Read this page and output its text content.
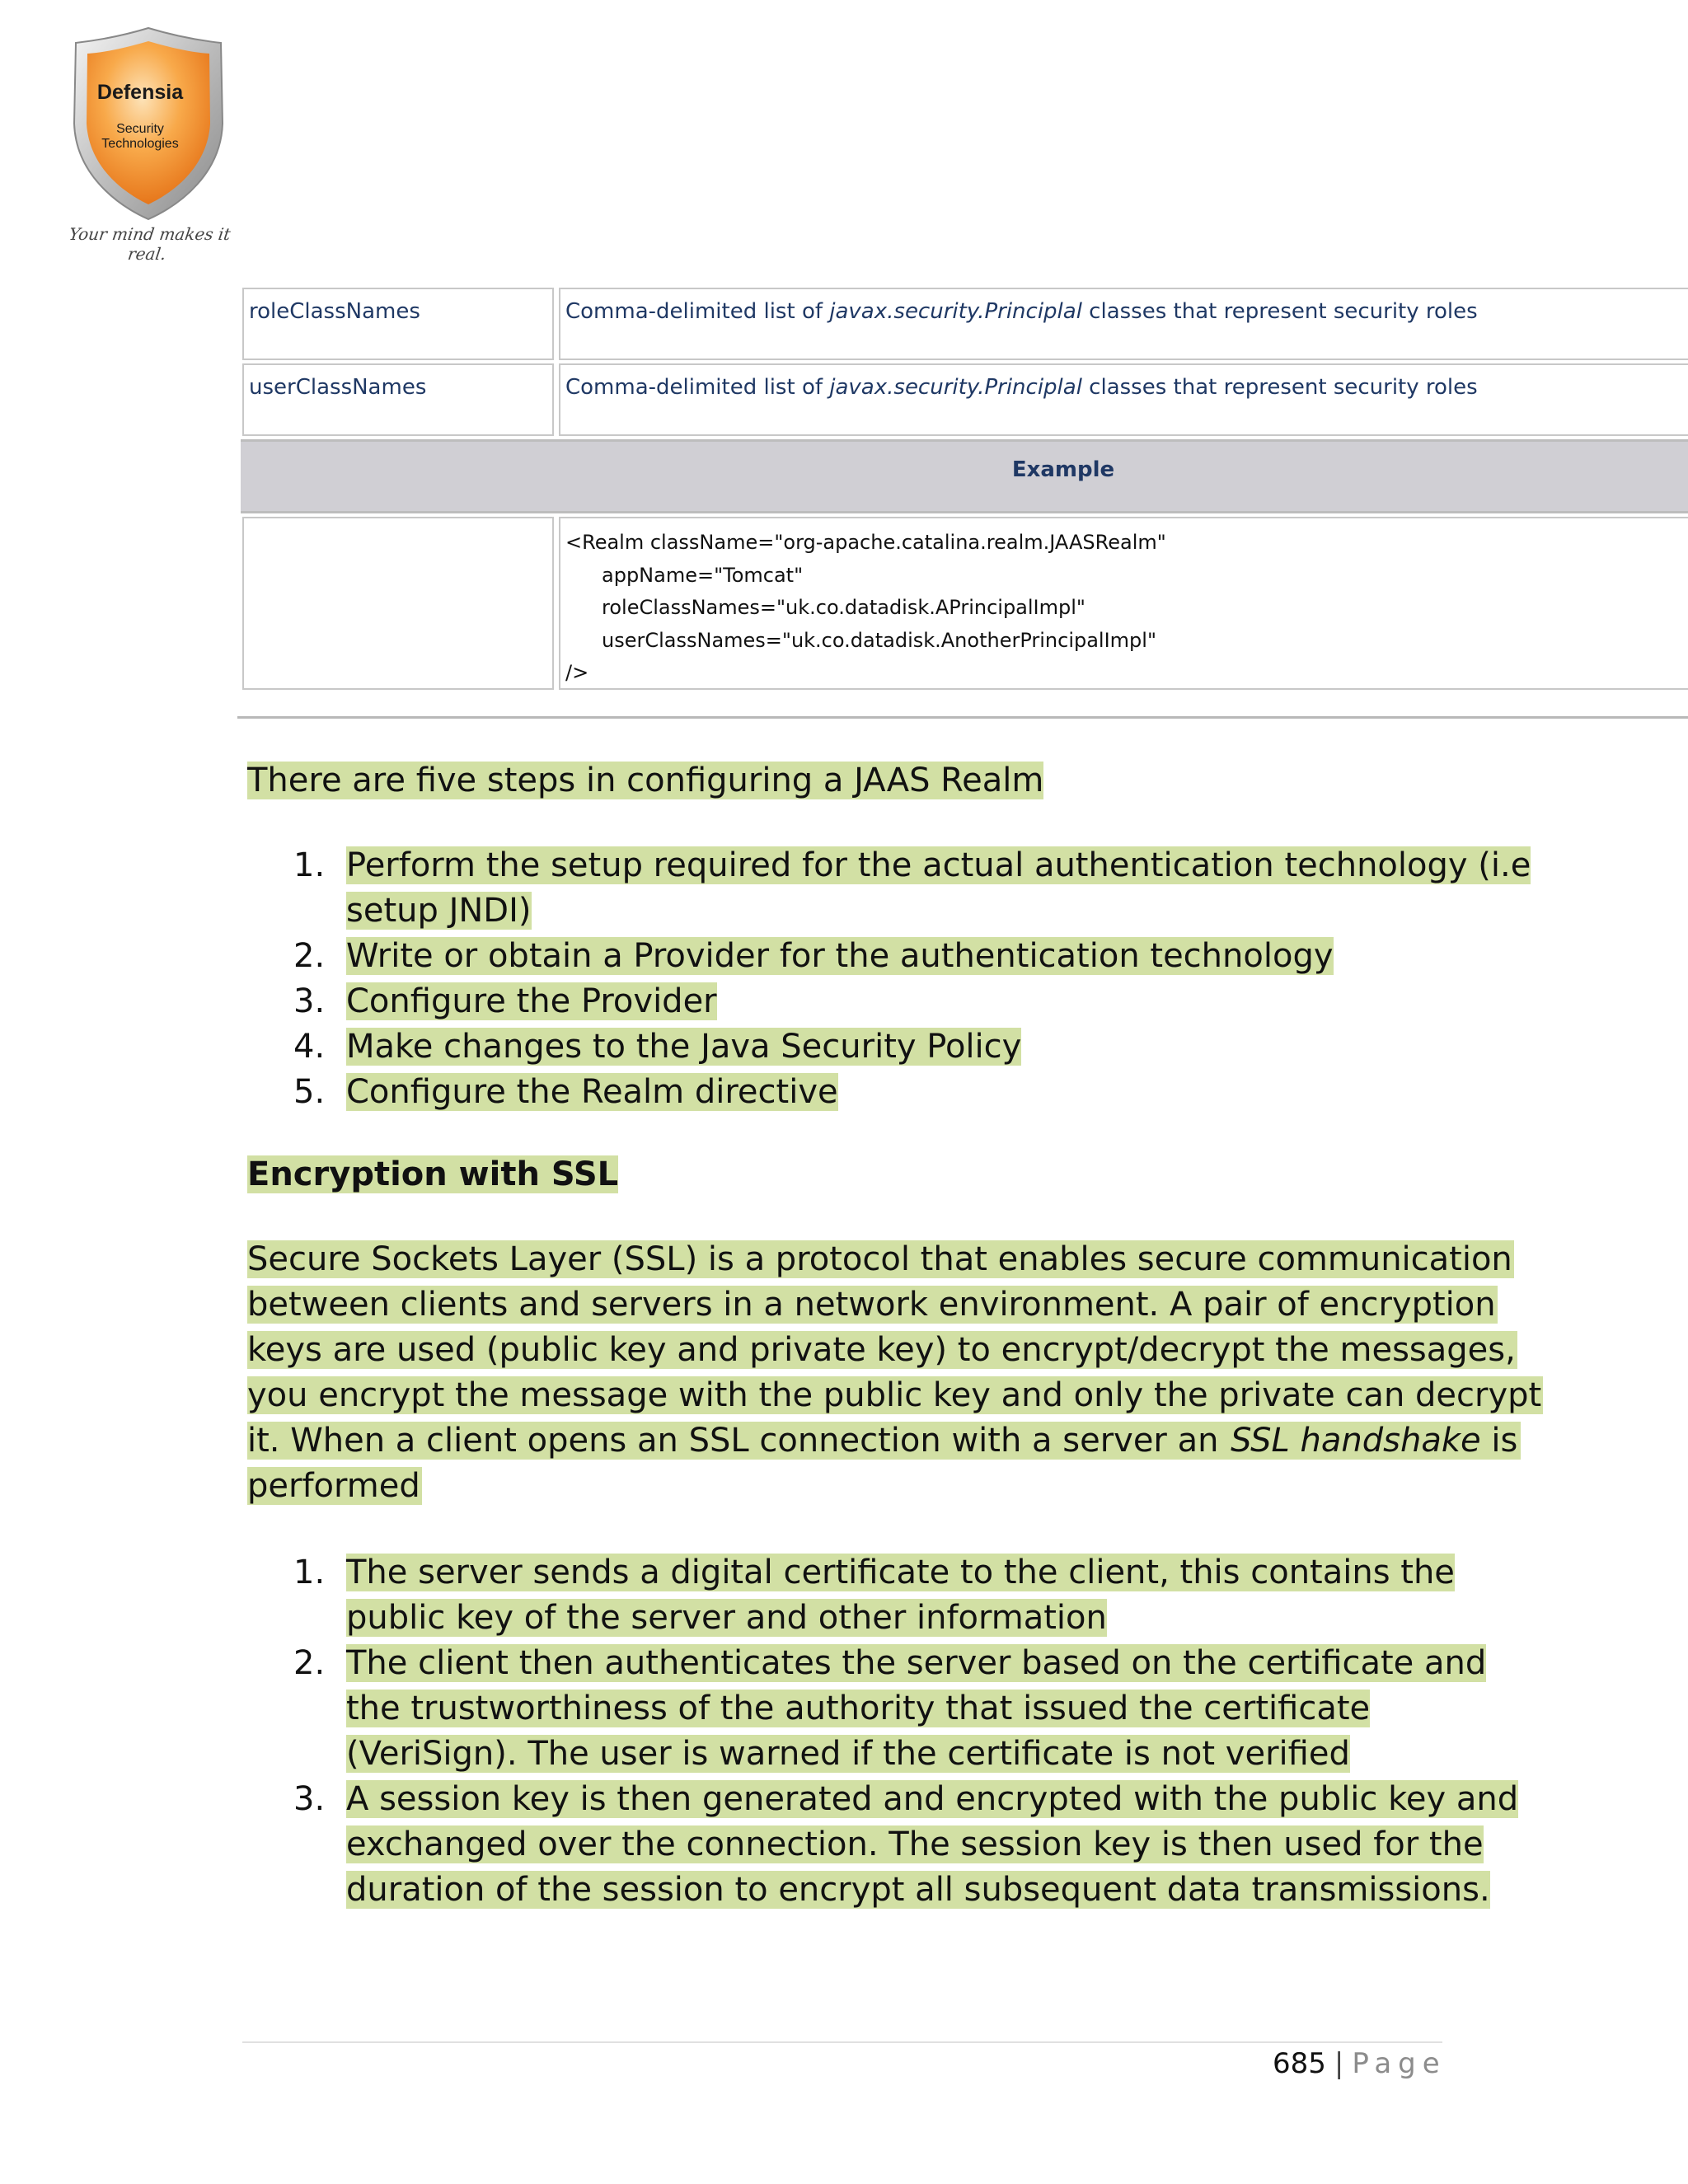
Defensia
Security
Technologies
Your mind makes it real.
roleClassNames	Comma-delimited list of javax.security.Principlal classes that represent security roles
userClassNames	Comma-delimited list of javax.security.Principlal classes that represent security roles
Example
<Realm className="org-apache.catalina.realm.JAASRealm"
appName="Tomcat"
roleClassNames="uk.co.datadisk.APrincipalImpl"
userClassNames="uk.co.datadisk.AnotherPrincipalImpl"
/>
There are five steps in configuring a JAAS Realm
1. Perform the setup required for the actual authentication technology (i.e
setup JNDI)
2. Write or obtain a Provider for the authentication technology
3. Configure the Provider
4. Make changes to the Java Security Policy
5. Configure the Realm directive
Encryption with SSL
Secure Sockets Layer (SSL) is a protocol that enables secure communication
between clients and servers in a network environment. A pair of encryption
keys are used (public key and private key) to encrypt/decrypt the messages,
you encrypt the message with the public key and only the private can decrypt
it. When a client opens an SSL connection with a server an SSL handshake is
performed
1. The server sends a digital certificate to the client, this contains the
public key of the server and other information
2. The client then authenticates the server based on the certificate and
the trustworthiness of the authority that issued the certificate
(VeriSign). The user is warned if the certificate is not verified
3. A session key is then generated and encrypted with the public key and
exchanged over the connection. The session key is then used for the
duration of the session to encrypt all subsequent data transmissions.
685 | Page
